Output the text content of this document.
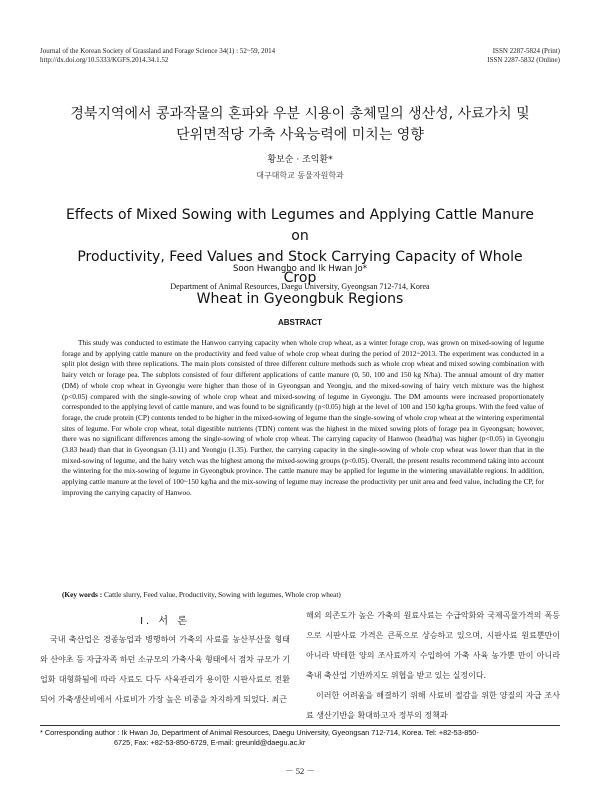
Journal of the Korean Society of Grassland and Forage Science 34(1) : 52~59, 2014
http://dx.doi.org/10.5333/KGFS.2014.34.1.52
ISSN 2287-5824 (Print)
ISSN 2287-5832 (Online)
경북지역에서 콩과작물의 혼파와 우분 시용이 총체밀의 생산성, 사료가치 및
단위면적당 가축 사육능력에 미치는 영향
황보순 · 조익환*
대구대학교 동물자원학과
Effects of Mixed Sowing with Legumes and Applying Cattle Manure on
Productivity, Feed Values and Stock Carrying Capacity of Whole Crop
Wheat in Gyeongbuk Regions
Soon Hwangbo and Ik Hwan Jo*
Department of Animal Resources, Daegu University, Gyeongsan 712-714, Korea
ABSTRACT

This study was conducted to estimate the Hanwoo carrying capacity when whole crop wheat, as a winter forage crop, was grown on mixed-sowing of legume forage and by applying cattle manure on the productivity and feed value of whole crop wheat during the period of 2012~2013. The experiment was conducted in a split plot design with three replications. The main plots consisted of three different culture methods such as whole crop wheat and mixed sowing combination with hairy vetch or forage pea. The subplots consisted of four different applications of cattle manure (0, 50, 100 and 150 kg N/ha). The annual amount of dry matter (DM) of whole crop wheat in Gyeongju were higher than those of in Gyeongsan and Yeongju, and the mixed-sowing of hairy vetch mixture was the highest (p<0.05) compared with the single-sowing of whole crop wheat and mixed-sowing of legume in Gyeongju. The DM amounts were increased proportionately corresponded to the applying level of cattle manure, and was found to be significantly (p<0.05) high at the level of 100 and 150 kg/ha groups. With the feed value of forage, the crude protein (CP) contents tended to be higher in the mixed-sowing of legume than the single-sowing of whole crop wheat at the wintering experimental sites of legume. For whole crop wheat, total digestible nutrients (TDN) content was the highest in the mixed sowing plots of forage pea in Gyeongsan; however, there was no significant differences among the single-sowing of whole crop wheat. The carrying capacity of Hanwoo (head/ha) was higher (p<0.05) in Gyeongju (3.83 head) than that in Gyeongsan (3.11) and Yeongju (1.35). Further, the carrying capacity in the single-sowing of whole crop wheat was lower than that in the mixed-sowing of legume, and the hairy vetch was the highest among the mixed-sowing groups (p<0.05). Overall, the present results recommend taking into account the wintering for the mix-sowing of legume in Gyeongbuk province. The cattle manure may be applied for legume in the wintering unavailable regions. In addition, applying cattle manure at the level of 100~150 kg/ha and the mix-sowing of legume may increase the productivity per unit area and feed value, including the CP, for improving the carrying capacity of Hanwoo.

I. 서 론

국내 축산업은 경종농업과 병행하여 가축의 사료를 농산부산물 형태와 산야초 등 자급자족 하던 소규모의 가축사육 형태에서 점차 규모가 기업화 대형화됨에 따라 사료도 다두 사육관리가 용이한 시판사료로 전환되어 가축생산비에서 사료비가 가장 높은 비중을 차지하게 되었다. 최근

해외 의존도가 높은 가축의 원료사료는 수급악화와 국제곡물가격의 폭등으로 시판사료 가격은 큰폭으로 상승하고 있으며, 시판사료 원료뿐만이 아니라 박테한 양의 조사료까지 수입하여 가축 사육 농가뿐 만이 아니라 축내 축산업 기반까지도 위협을 받고 있는 실정이다.

이러한 어려움을 해결하기 위해 사료비 절감을 위한 양질의 자급 조사료 생산기반을 확대하고자 정부의 정책과

(Key words : Cattle slurry, Feed value, Productivity, Sowing with legumes, Whole crop wheat)

* Corresponding author : Ik Hwan Jo, Department of Animal Resources, Daegu University, Gyeongsan 712-714, Korea. Tel: +82-53-850-
6725, Fax: +82-53-850-6729, E-mail: greunld@daegu.ac.kr
－ 52 －
